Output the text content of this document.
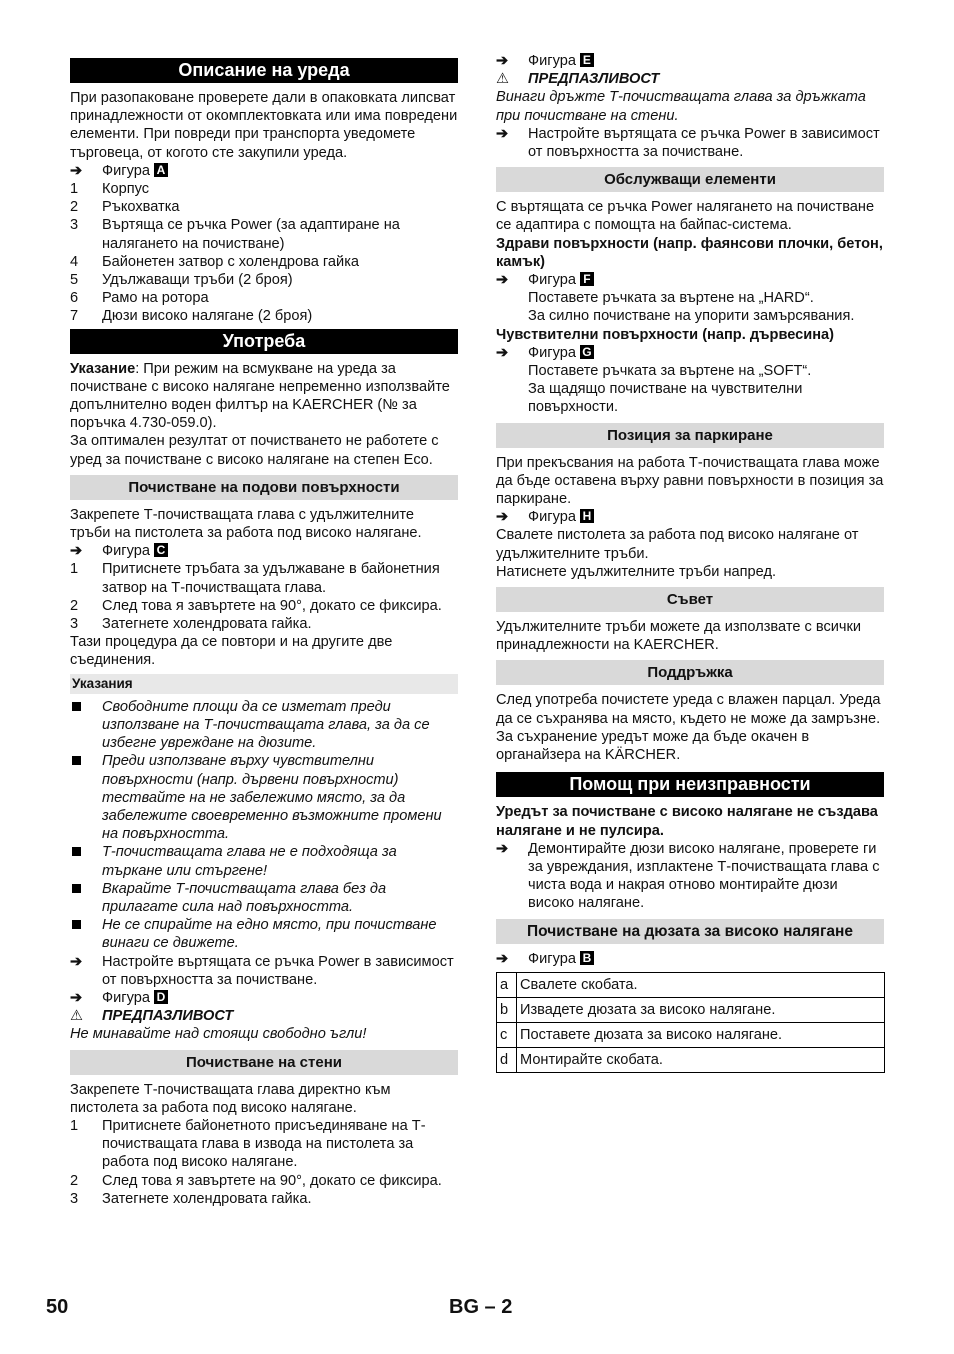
Описание на уреда

При разопаковане проверете дали в опаковката липсват принадлежности от окомплектовката или има повредени елементи. При повреди при транспорта уведомете търговеца, от когото сте закупили уреда.

➔	Фигура A
1	Корпус
2	Ръкохватка
3	Въртяща се ръчка Power (за адаптиране на налягането на почистване)
4	Байонетен затвор с холендрова гайка
5	Удължаващи тръби (2 броя)
6	Рамо на ротора
7	Дюзи високо налягане (2 броя)
Употреба

Указание: При режим на всмукване на уреда за почистване с високо налягане непременно използвайте допълнително воден филтър на KAERCHER (№ за поръчка 4.730-059.0).

За оптимален резултат от почистването не работете с уред за почистване с високо налягане на степен Eco.

Почистване на подови повърхности

Закрепете Т-почистващата глава с удължителните тръби на пистолета за работа под високо налягане.

➔	Фигура C
1	Притиснете тръбата за удължаване в байонетния затвор на Т-почистващата глава.
2	След това я завъртете на 90°, докато се фиксира.
3	Затегнете холендровата гайка.

Тази процедура да се повтори и на другите две съединения.

Указания
Свободните площи да се изметат преди използване на Т-почистващата глава, за да се избегне увреждане на дюзите.
Преди използване върху чувствителни повърхности (напр. дървени повърхности) тествайте на не забележимо място, за да забележите своевременно възможните промени на повърхността.
Т-почистващата глава не е подходяща за търкане или стъргене!
Вкарайте Т-почистващата глава без да прилагате сила над повърхността.
Не се спирайте на едно място, при почистване винаги се движете.
➔	Настройте въртящата се ръчка Power в зависимост от повърхността за почистване.
➔	Фигура D
⚠	ПРЕДПАЗЛИВОСТ

Не минавайте над стоящи свободно ъгли!

Почистване на стени

Закрепете Т-почистващата глава директно към пистолета за работа под високо налягане.

1	Притиснете байонетното присъединяване на Т-почистващата глава в извода на пистолета за работа под високо налягане.
2	След това я завъртете на 90°, докато се фиксира.
3	Затегнете холендровата гайка.
➔	Фигура E
⚠	ПРЕДПАЗЛИВОСТ

Винаги дръжте Т-почистващата глава за дръжката при почистване на стени.

➔	Настройте въртящата се ръчка Power в зависимост от повърхността за почистване.
Обслужващи елементи

С въртящата се ръчка Power налягането на почистване се адаптира с помощта на байпас-система.

Здрави повърхности (напр. фаянсови плочки, бетон, камък)

➔	Фигура F
Поставете ръчката за въртене на „HARD“.
За силно почистване на упорити замърсявания.

Чувствителни повърхности (напр. дървесина)

➔	Фигура G
Поставете ръчката за въртене на „SOFT“.
За щадящо почистване на чувствителни повърхности.
Позиция за паркиране

При прекъсвания на работа Т-почистващата глава може да бъде оставена върху равни повърхности в позиция за паркиране.

➔	Фигура H

Свалете пистолета за работа под високо налягане от удължителните тръби.

Натиснете удължителните тръби напред.

Съвет

Удължителните тръби можете да използвате с всички принадлежности на KAERCHER.

Поддръжка

След употреба почистете уреда с влажен парцал. Уреда да се съхранява на място, където не може да замръзне.

За съхранение уредът може да бъде окачен в органайзера на KÄRCHER.

Помощ при неизправности

Уредът за почистване с високо налягане не създава налягане и не пулсира.

➔	Демонтирайте дюзи високо налягане, проверете ги за увреждания, изплактене Т-почистващата глава с чиста вода и накрая отново монтирайте дюзи високо налягане.
Почистване на дюзата за високо налягане
➔	Фигура B
a	Свалете скобата.
b	Извадете дюзата за високо налягане.
c	Поставете дюзата за високо налягане.
d	Монтирайте скобата.
50	BG – 2
